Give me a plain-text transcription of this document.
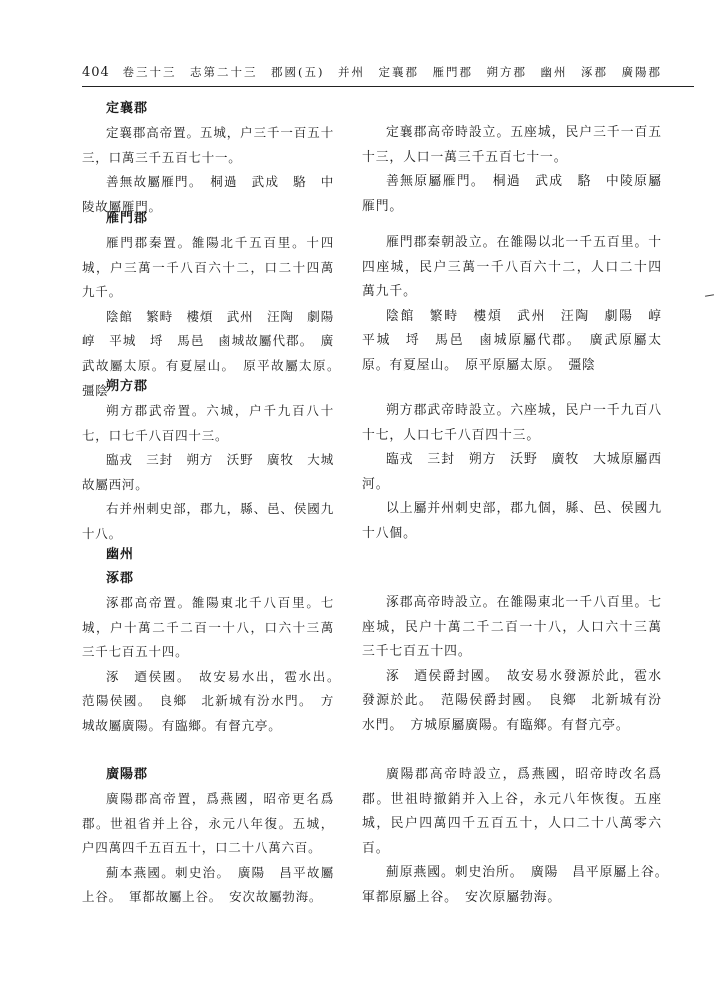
404 卷三十三　志第二十三　郡國(五)　并州　定襄郡　雁門郡　朔方郡　幽州　涿郡　廣陽郡
定襄郡

定襄郡高帝置。五城，户三千一百五十三，口萬三千五百七十一。

善無故屬雁門。　桐過　武成　駱　中陵故屬雁門。

雁門郡

雁門郡秦置。雒陽北千五百里。十四城，户三萬一千八百六十二，口二十四萬九千。

陰館　繁畤　樓煩　武州　汪陶　劇陽　崞　平城　埒　馬邑　鹵城故屬代郡。　廣武故屬太原。有夏屋山。　原平故屬太原。　彊陰

朔方郡

朔方郡武帝置。六城，户千九百八十七，口七千八百四十三。

臨戎　三封　朔方　沃野　廣牧　大城故屬西河。

右并州刺史部，郡九，縣、邑、侯國九十八。

幽州
涿郡

涿郡高帝置。雒陽東北千八百里。七城，户十萬二千二百一十八，口六十三萬三千七百五十四。

涿　逎侯國。　故安易水出，雹水出。　范陽侯國。　良鄉　北新城有汾水門。　方城故屬廣陽。有臨鄉。有督亢亭。

廣陽郡

廣陽郡高帝置，爲燕國，昭帝更名爲郡。世祖省并上谷，永元八年復。五城，户四萬四千五百五十，口二十八萬六百。

薊本燕國。刺史治。　廣陽　昌平故屬上谷。　軍都故屬上谷。　安次故屬勃海。

定襄郡高帝時設立。五座城，民户三千一百五十三，人口一萬三千五百七十一。

善無原屬雁門。　桐過　武成　駱　中陵原屬雁門。

雁門郡秦朝設立。在雒陽以北一千五百里。十四座城，民户三萬一千八百六十二，人口二十四萬九千。

陰館　繁畤　樓煩　武州　汪陶　劇陽　崞　平城　埒　馬邑　鹵城原屬代郡。　廣武原屬太原。有夏屋山。　原平原屬太原。　彊陰

朔方郡武帝時設立。六座城，民户一千九百八十七，人口七千八百四十三。

臨戎　三封　朔方　沃野　廣牧　大城原屬西河。

以上屬并州刺史部，郡九個，縣、邑、侯國九十八個。

涿郡高帝時設立。在雒陽東北一千八百里。七座城，民户十萬二千二百一十八，人口六十三萬三千七百五十四。

涿　逎侯爵封國。　故安易水發源於此，雹水發源於此。　范陽侯爵封國。　良鄉　北新城有汾水門。　方城原屬廣陽。有臨鄉。有督亢亭。

廣陽郡高帝時設立，爲燕國，昭帝時改名爲郡。世祖時撤銷并入上谷，永元八年恢復。五座城，民户四萬四千五百五十，人口二十八萬零六百。

薊原燕國。刺史治所。　廣陽　昌平原屬上谷。　軍都原屬上谷。　安次原屬勃海。
